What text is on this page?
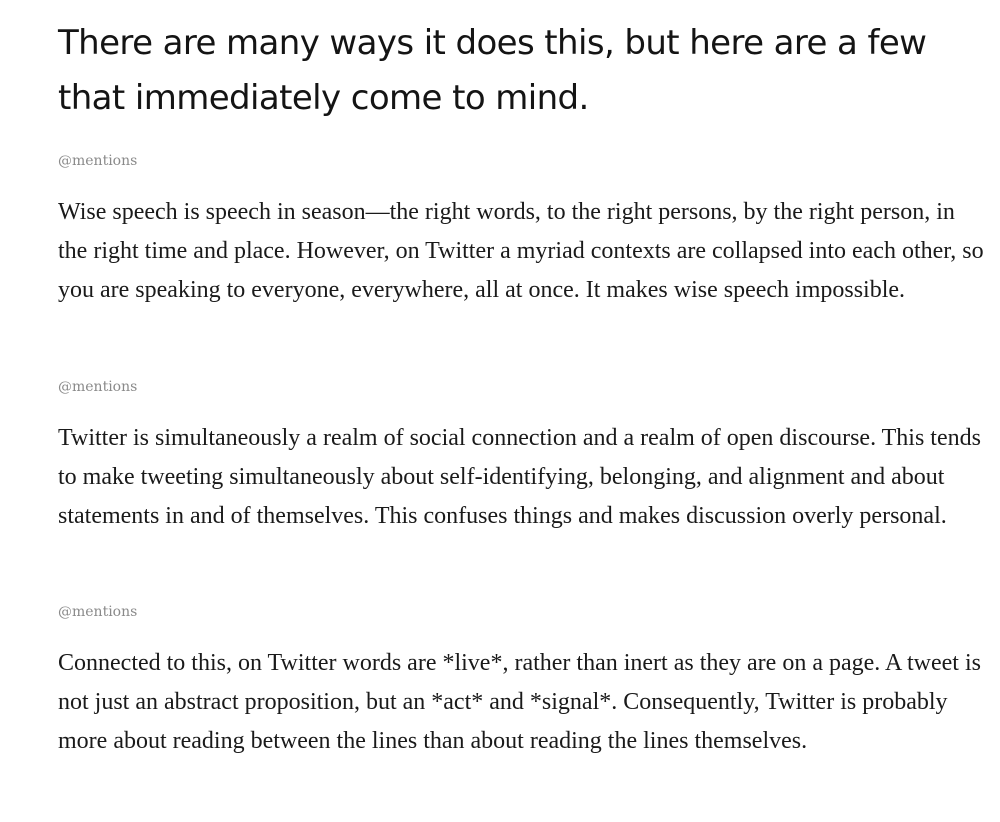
There are many ways it does this, but here are a few that immediately come to mind.
@mentions

Wise speech is speech in season—the right words, to the right persons, by the right person, in the right time and place. However, on Twitter a myriad contexts are collapsed into each other, so you are speaking to everyone, everywhere, all at once. It makes wise speech impossible.

@mentions

Twitter is simultaneously a realm of social connection and a realm of open discourse. This tends to make tweeting simultaneously about self-identifying, belonging, and alignment and about statements in and of themselves. This confuses things and makes discussion overly personal.

@mentions

Connected to this, on Twitter words are *live*, rather than inert as they are on a page. A tweet is not just an abstract proposition, but an *act* and *signal*. Consequently, Twitter is probably more about reading between the lines than about reading the lines themselves.
